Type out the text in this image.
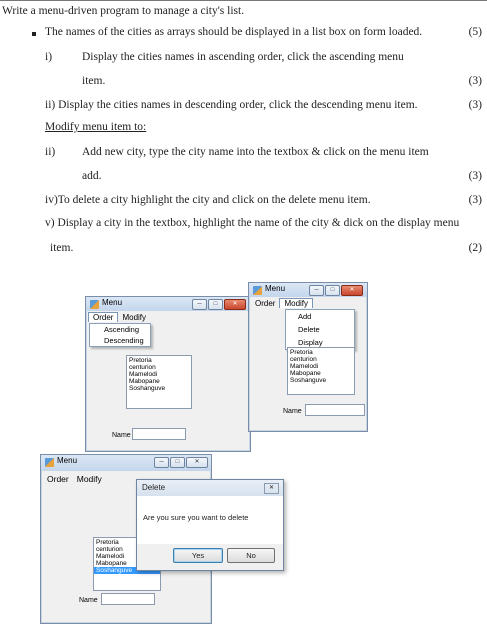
Write a menu-driven program to manage a city's list.
The names of the cities as arrays should be displayed in a list box on form loaded.	(5)
i)	Display the cities names in ascending order, click the ascending menu
item.	(3)
ii) Display the cities names in descending order, click the descending menu item.	(3)
Modify menu item to:
ii) Add new city, type the city name into the textbox & click on the menu item
add.	(3)
iv)To delete a city highlight the city and click on the delete menu item.	(3)
v) Display a city in the textbox, highlight the name of the city & dick on the display menu
item.	(2)
Menu	─	□	✕
Order Modify
Ascending
Descending
Pretoria
centurion
Mamelodi
Mabopane
Soshanguve
Name
Menu	─	□	✕
Order Modify
Add
Delete
Display
Pretoria
centurion
Mamelodi
Mabopane
Soshanguve
Name
Menu	─	□	✕
Order Modify
Pretoria
centurion
Mamelodi
Mabopane
Soshanguve
Name
Delete	✕
Are you sure you want to delete
Yes	No
